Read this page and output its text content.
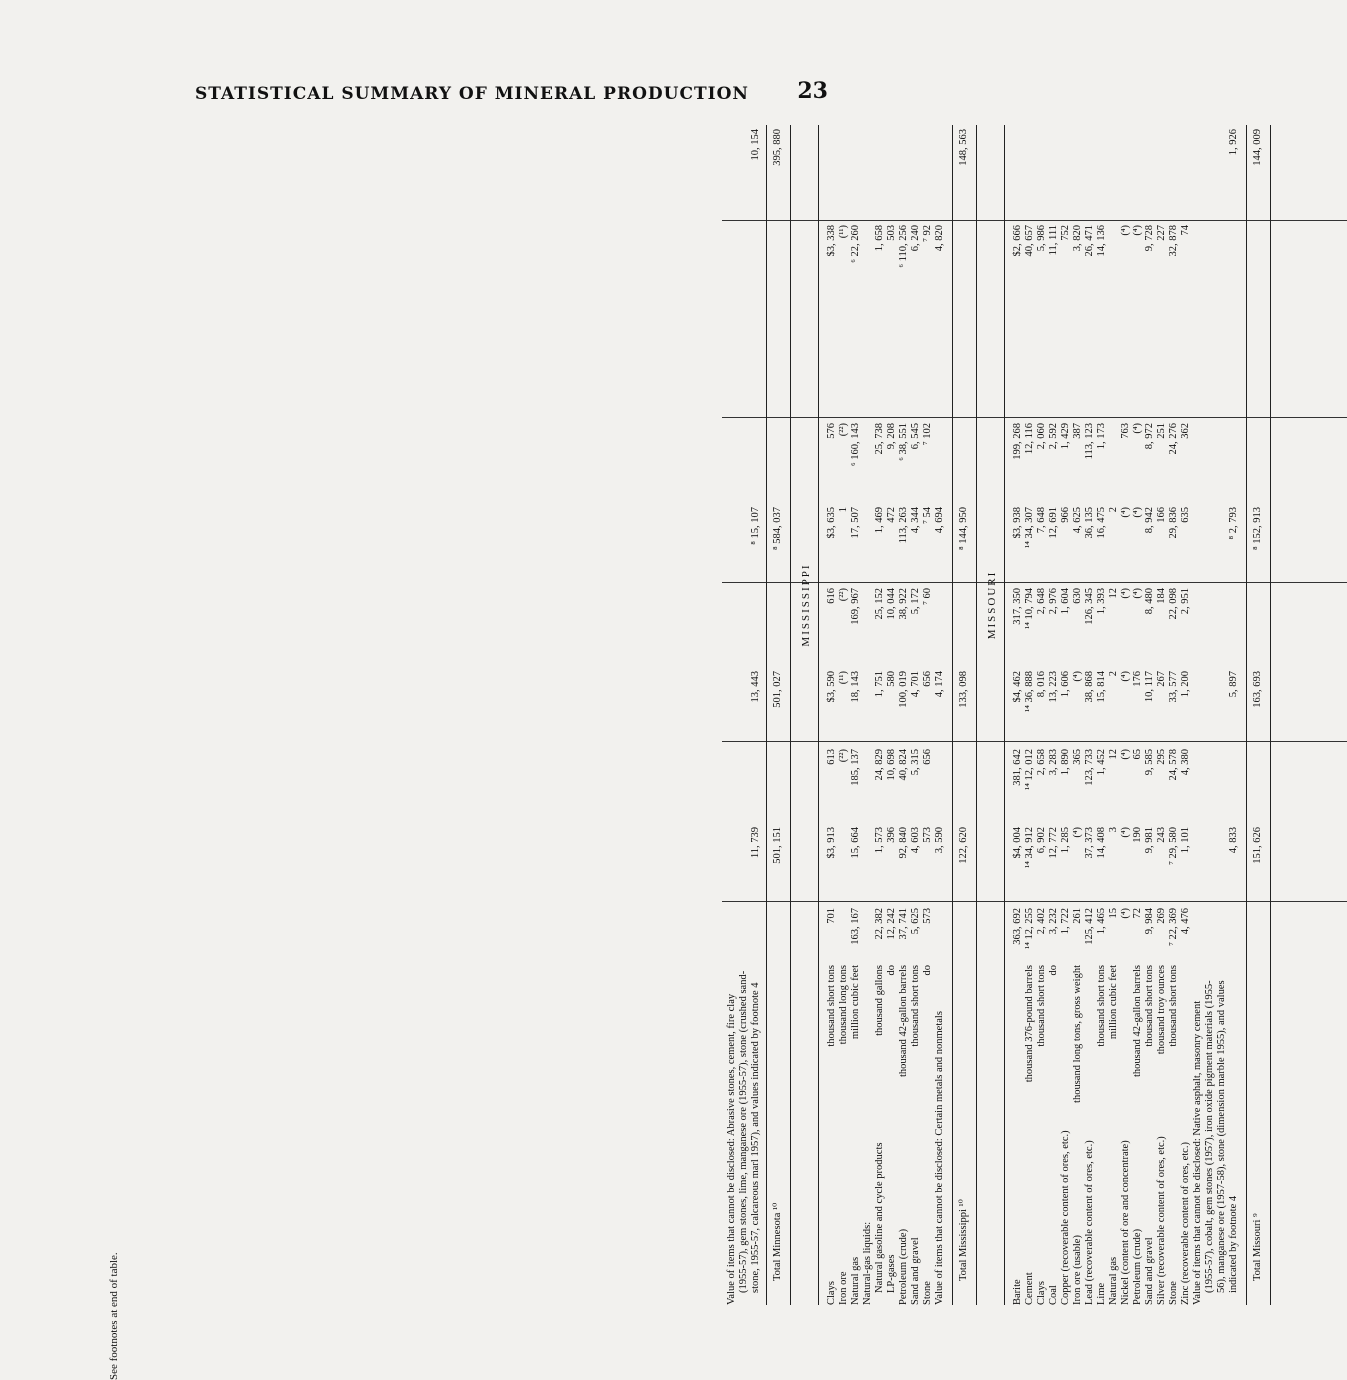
STATISTICAL SUMMARY OF MINERAL PRODUCTION 23
Value of items that cannot be disclosed: Abrasive stones, cement, fire clay (1955-57), gem stones, lime, manganese ore (1955-57), stone (crushed sand- stone, 1955-57, calcareous marl 1957), and values indicated by footnote 4
11, 739
13, 443
⁸ 15, 107
10, 154
Total Minnesota ¹⁰
501, 151
501, 027
⁸ 584, 037
395, 880
MISSISSIPPI
Clays
thousand short tons
701
$3, 913
613
$3, 590
616
$3, 635
576
$3, 338
Iron ore
thousand long tons
(²²)
(¹¹)
(²²)
1
(²²)
(¹¹)
Natural gas
million cubic feet
163, 167
15, 664
185, 137
18, 143
169, 967
17, 507
⁶ 160, 143
⁶ 22, 260
Natural-gas liquids: Natural gasoline and cycle products
thousand gallons
22, 382
1, 573
24, 829
1, 751
25, 152
1, 469
25, 738
1, 658
LP-gases
do
12, 242
396
10, 698
580
10, 044
472
9, 208
503
Petroleum (crude)
thousand 42-gallon barrels
37, 741
92, 840
40, 824
100, 019
38, 922
113, 263
⁶ 38, 551
⁶ 110, 256
Sand and gravel
thousand short tons
5, 625
4, 603
5, 315
4, 701
5, 172
4, 344
6, 545
6, 240
Stone
do
573
573
656
656
⁷ 60
⁷ 54
⁷ 102
⁷ 92
Value of items that cannot be disclosed: Certain metals and nonmetals
3, 590
4, 174
4, 694
4, 820
Total Mississippi ¹⁰
122, 620
133, 098
⁸ 144, 950
148, 563
MISSOURI
Barite
363, 692
$4, 004
381, 642
$4, 462
317, 350
$3, 938
199, 268
$2, 666
Cement
thousand 376-pound barrels
¹⁴ 12, 255
¹⁴ 34, 912
¹⁴ 12, 012
¹⁴ 36, 888
¹⁴ 10, 794
¹⁴ 34, 307
12, 116
40, 657
Clays
thousand short tons
2, 402
6, 902
2, 658
8, 016
2, 648
7, 648
2, 060
5, 986
Coal
do
3, 232
12, 772
3, 283
13, 223
2, 976
12, 691
2, 592
11, 111
Copper (recoverable content of ores, etc.)
1, 722
1, 285
1, 890
1, 606
1, 604
966
1, 429
752
Iron ore (usable)
thousand long tons, gross weight
261
(⁴)
365
(⁴)
630
4, 625
387
3, 820
Lead (recoverable content of ores, etc.)
125, 412
37, 373
123, 733
38, 868
126, 345
36, 135
113, 123
26, 471
Lime
thousand short tons
1, 465
14, 408
1, 452
15, 814
1, 393
16, 475
1, 173
14, 136
Natural gas
million cubic feet
15
3
12
2
12
2
Nickel (content of ore and concentrate)
(⁴)
(⁴)
(⁴)
(⁴)
(⁴)
(⁴)
763
(⁴)
Petroleum (crude)
thousand 42-gallon barrels
72
190
65
176
(⁴)
(⁴)
(⁴)
(⁴)
Sand and gravel
thousand short tons
9, 984
9, 981
9, 585
10, 117
8, 480
8, 942
8, 972
9, 728
Silver (recoverable content of ores, etc.)
thousand troy ounces
269
243
295
267
184
166
251
227
Stone
thousand short tons
⁷ 22, 369
⁷ 29, 580
24, 578
33, 577
22, 098
29, 836
24, 276
32, 878
Zinc (recoverable content of ores, etc.)
4, 476
1, 101
4, 380
1, 200
2, 951
635
362
74
Value of items that cannot be disclosed: Native asphalt, masonry cement (1955-57), cobalt, gem stones (1957), iron oxide pigment materials (1955- 56), manganese ore (1957-58), stone (dimension marble 1955), and values indicated by footnote 4
4, 833
5, 897
⁸ 2, 793
1, 926
Total Missouri ⁹
151, 626
163, 693
⁸ 152, 913
144, 009
See footnotes at end of table.
